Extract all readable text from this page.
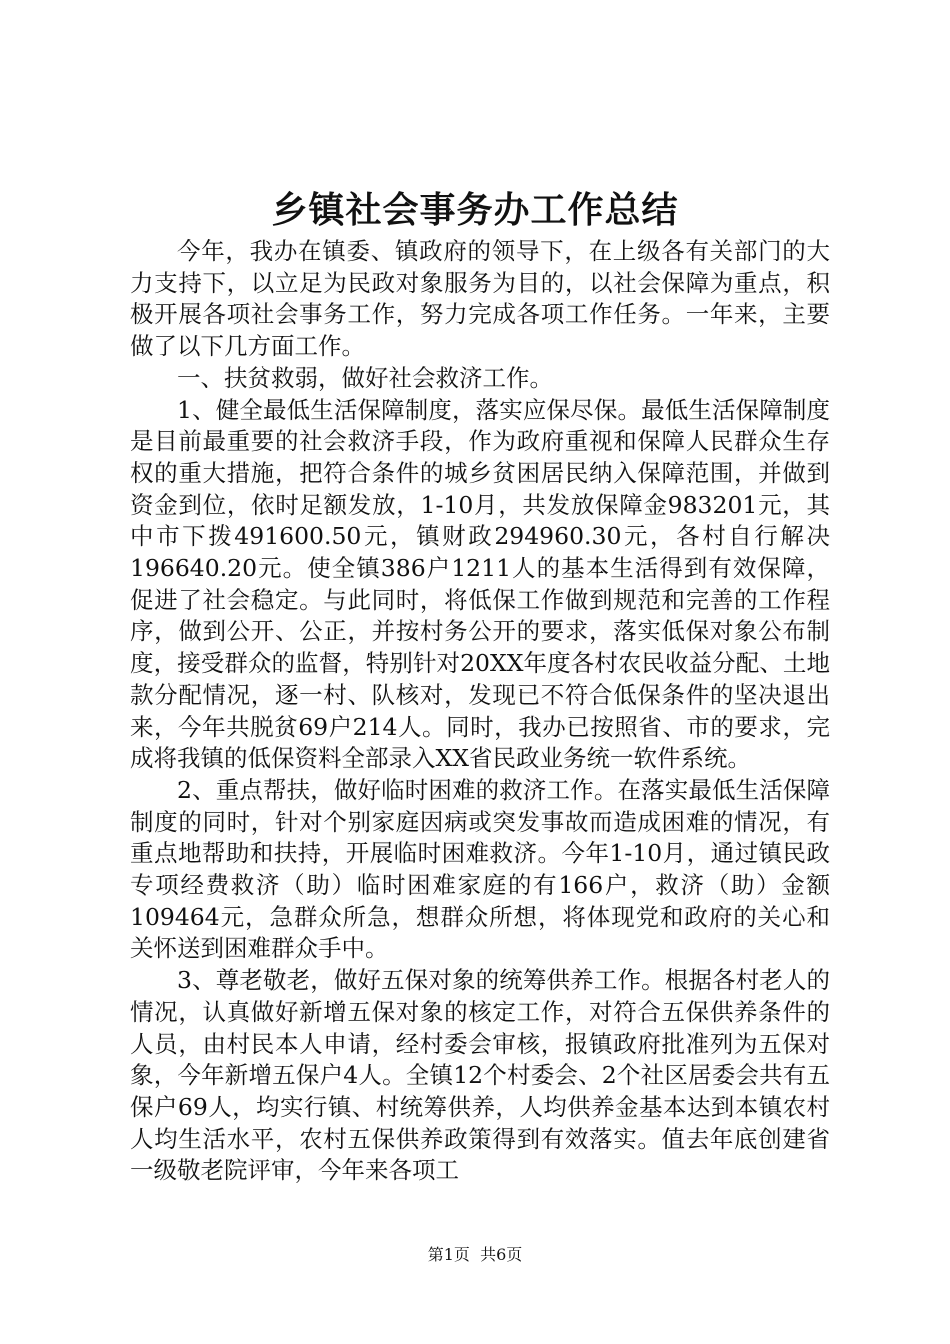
乡镇社会事务办工作总结

今年，我办在镇委、镇政府的领导下，在上级各有关部门的大力支持下，以立足为民政对象服务为目的，以社会保障为重点，积极开展各项社会事务工作，努力完成各项工作任务。一年来，主要做了以下几方面工作。

一、扶贫救弱，做好社会救济工作。

1、健全最低生活保障制度，落实应保尽保。最低生活保障制度是目前最重要的社会救济手段，作为政府重视和保障人民群众生存权的重大措施，把符合条件的城乡贫困居民纳入保障范围，并做到资金到位，依时足额发放，1-10月，共发放保障金983201元，其中市下拨491600.50元，镇财政294960.30元，各村自行解决196640.20元。使全镇386户1211人的基本生活得到有效保障，促进了社会稳定。与此同时，将低保工作做到规范和完善的工作程序，做到公开、公正，并按村务公开的要求，落实低保对象公布制度，接受群众的监督，特别针对20XX年度各村农民收益分配、土地款分配情况，逐一村、队核对，发现已不符合低保条件的坚决退出来，今年共脱贫69户214人。同时，我办已按照省、市的要求，完成将我镇的低保资料全部录入XX省民政业务统一软件系统。

2、重点帮扶，做好临时困难的救济工作。在落实最低生活保障制度的同时，针对个别家庭因病或突发事故而造成困难的情况，有重点地帮助和扶持，开展临时困难救济。今年1-10月，通过镇民政专项经费救济（助）临时困难家庭的有166户，救济（助）金额109464元，急群众所急，想群众所想，将体现党和政府的关心和关怀送到困难群众手中。

3、尊老敬老，做好五保对象的统筹供养工作。根据各村老人的情况，认真做好新增五保对象的核定工作，对符合五保供养条件的人员，由村民本人申请，经村委会审核，报镇政府批准列为五保对象，今年新增五保户4人。全镇12个村委会、2个社区居委会共有五保户69人，均实行镇、村统筹供养，人均供养金基本达到本镇农村人均生活水平，农村五保供养政策得到有效落实。值去年底创建省一级敬老院评审，今年来各项工

第1页 共6页
